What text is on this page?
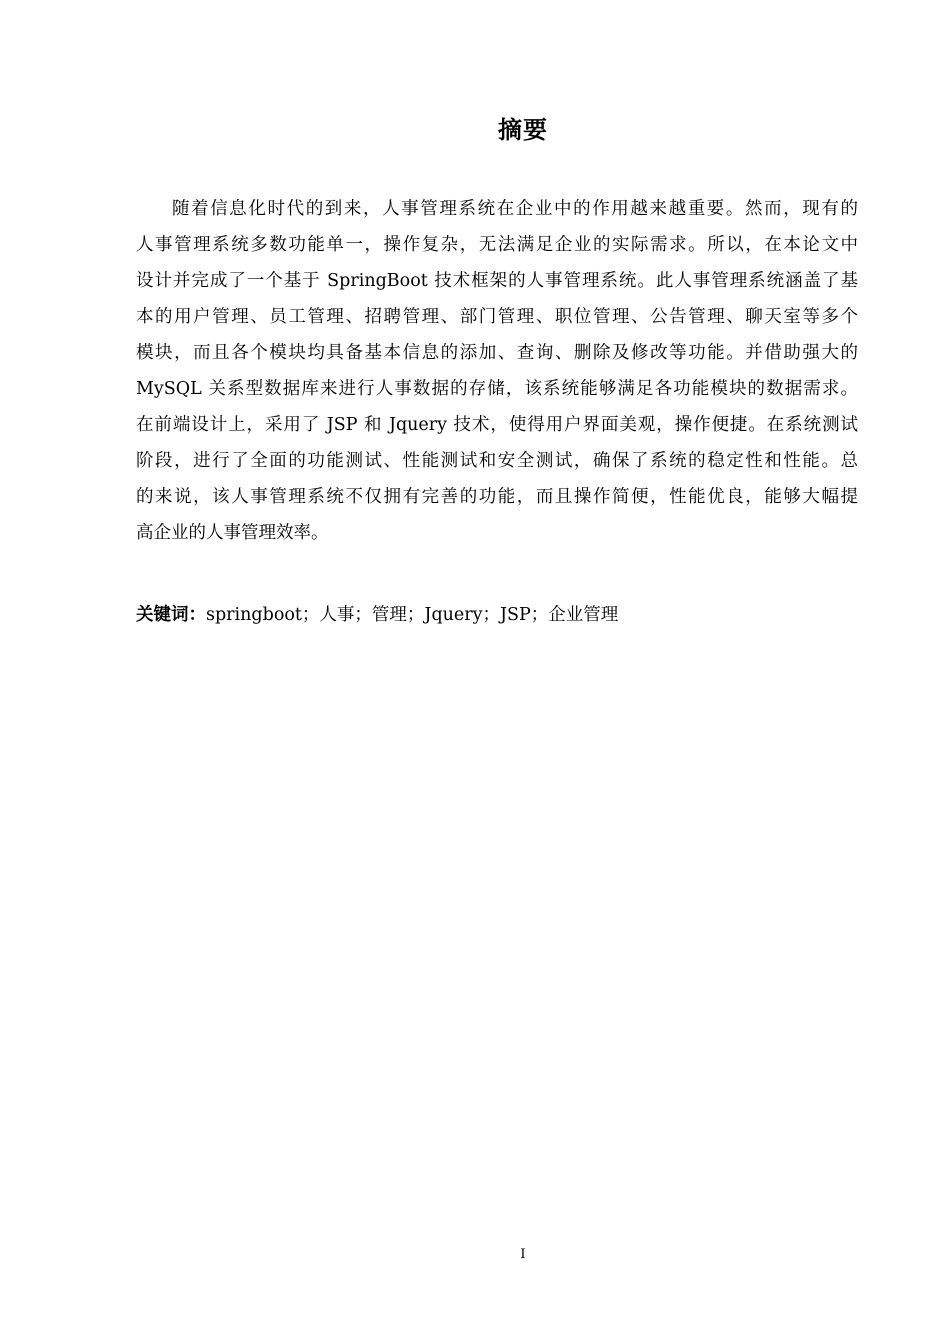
摘要
随着信息化时代的到来，人事管理系统在企业中的作用越来越重要。然而，现有的
人事管理系统多数功能单一，操作复杂，无法满足企业的实际需求。所以，在本论文中
设计并完成了一个基于 SpringBoot 技术框架的人事管理系统。此人事管理系统涵盖了基
本的用户管理、员工管理、招聘管理、部门管理、职位管理、公告管理、聊天室等多个
模块，而且各个模块均具备基本信息的添加、查询、删除及修改等功能。并借助强大的
MySQL 关系型数据库来进行人事数据的存储，该系统能够满足各功能模块的数据需求。
在前端设计上，采用了 JSP 和 Jquery 技术，使得用户界面美观，操作便捷。在系统测试
阶段，进行了全面的功能测试、性能测试和安全测试，确保了系统的稳定性和性能。总
的来说，该人事管理系统不仅拥有完善的功能，而且操作简便，性能优良，能够大幅提
高企业的人事管理效率。
关键词：springboot；人事；管理；Jquery；JSP；企业管理
I
